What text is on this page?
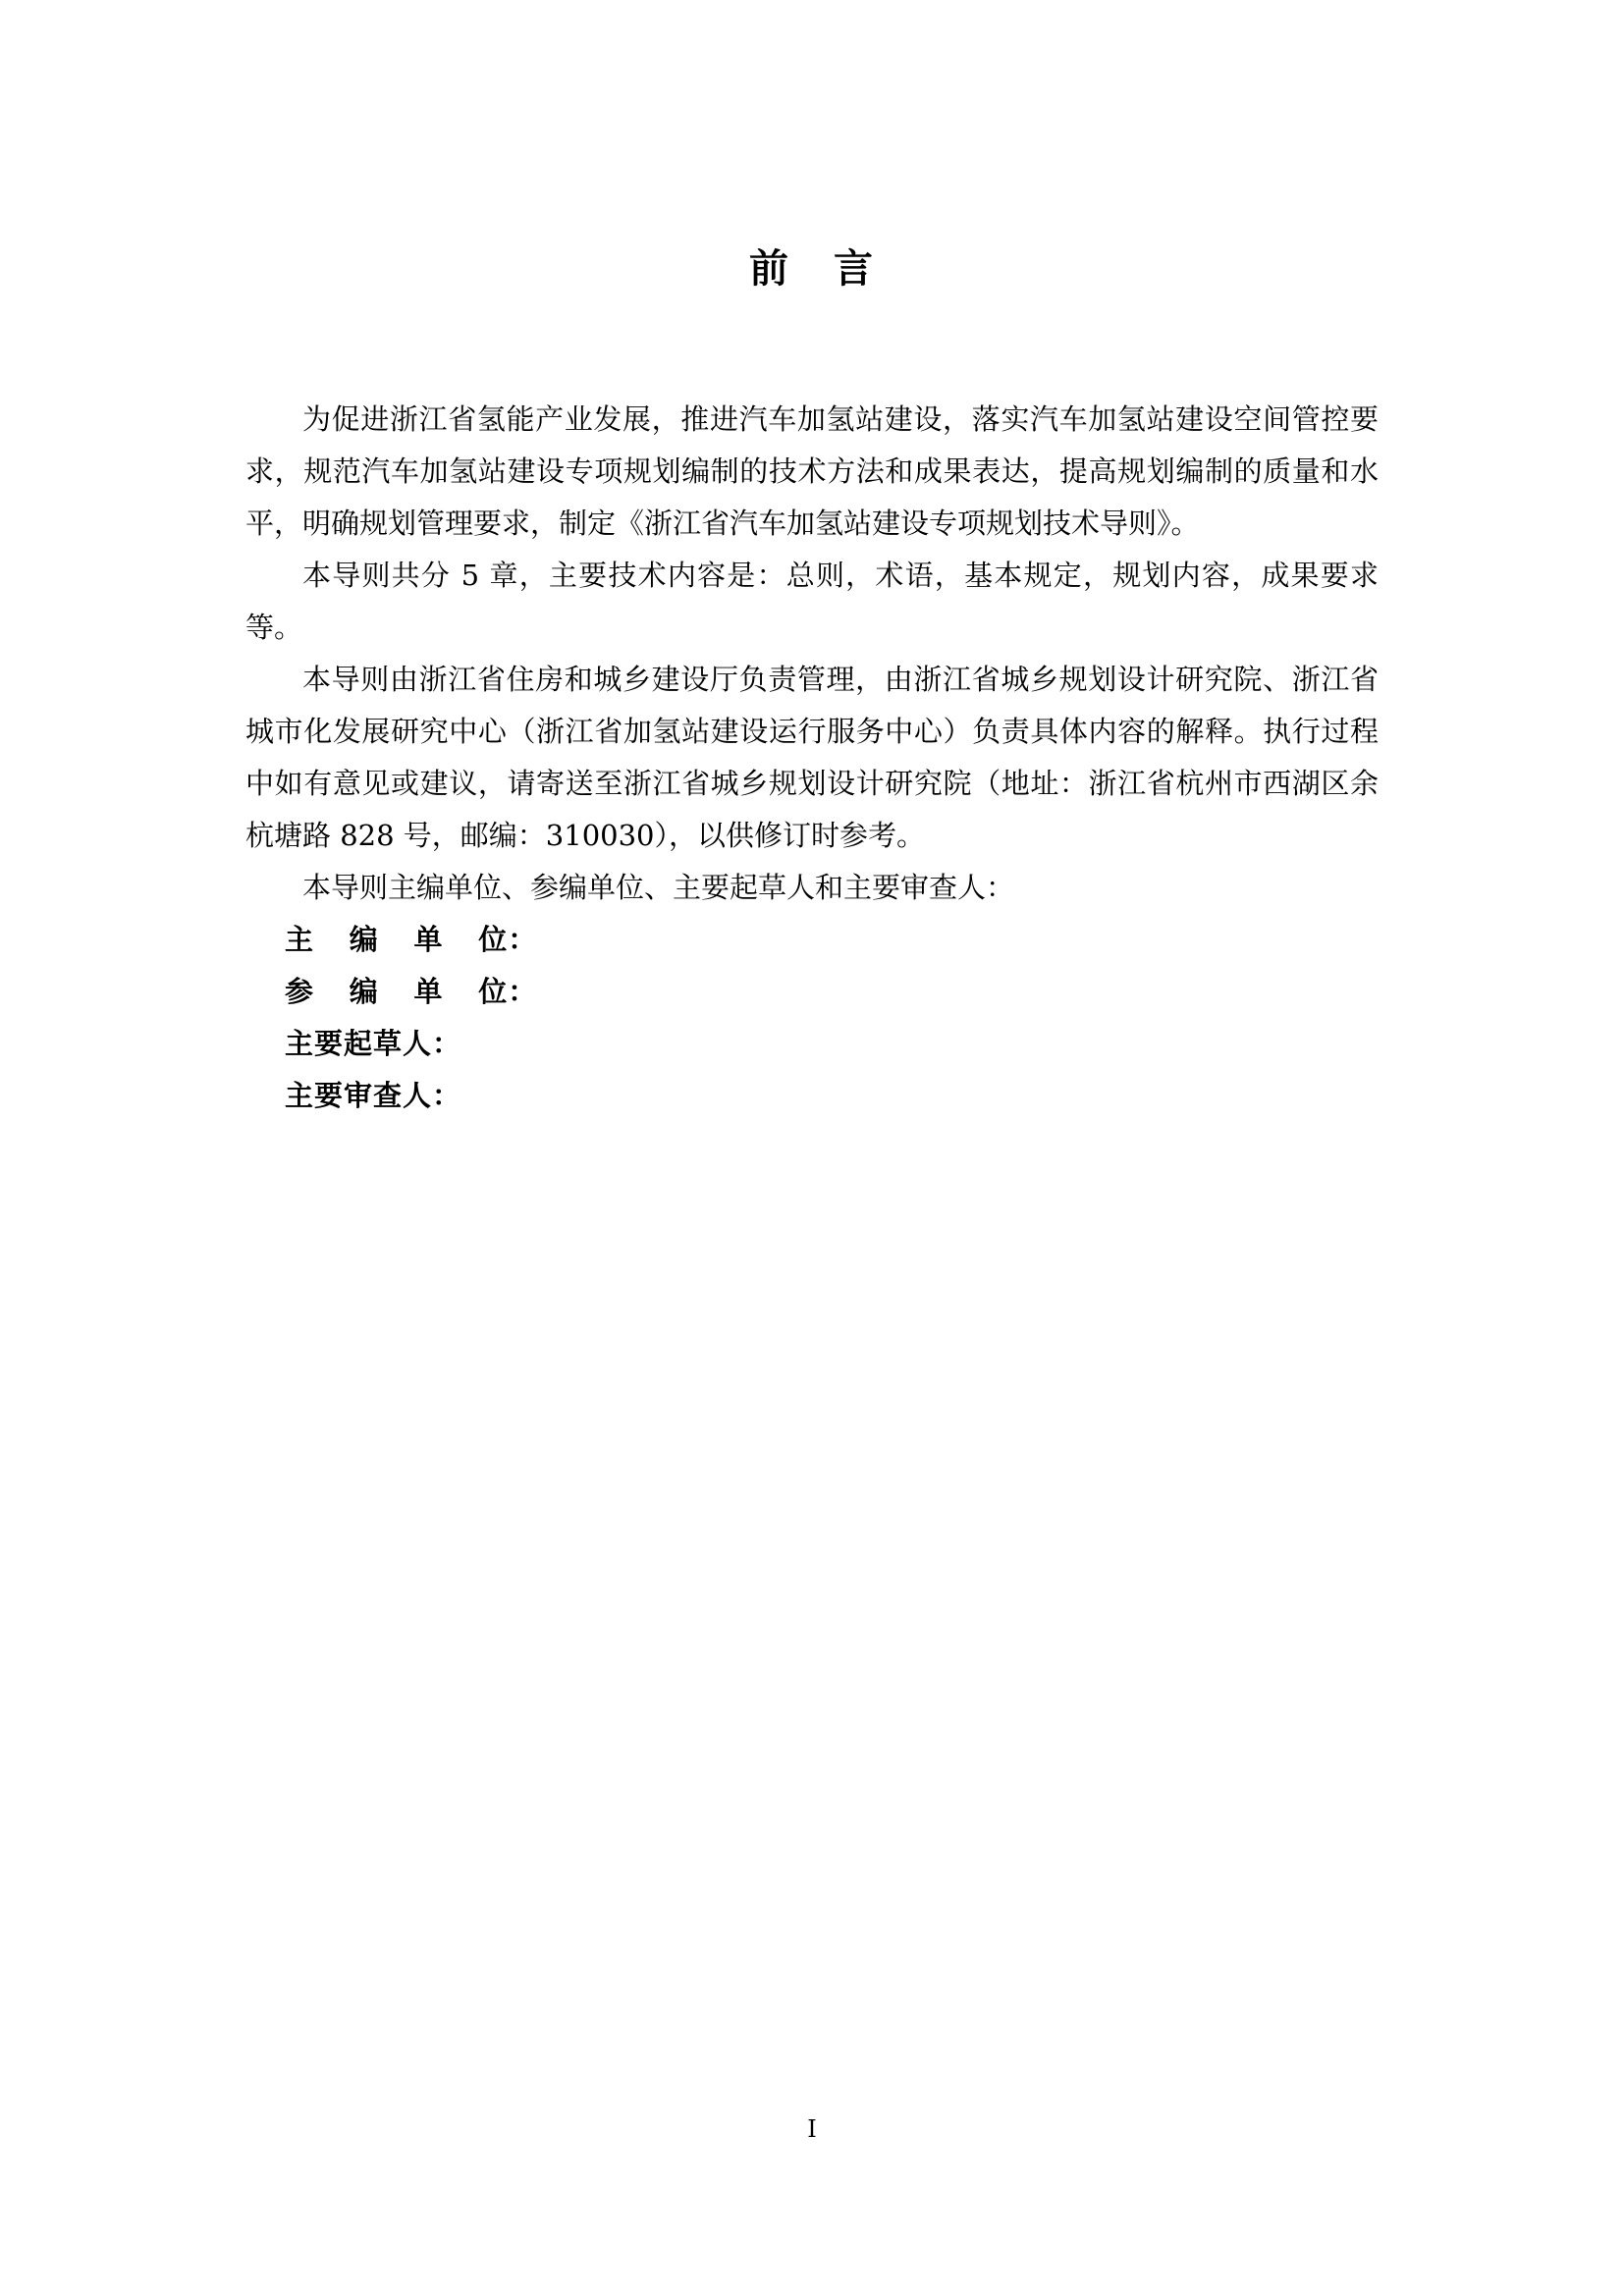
前 言

为促进浙江省氢能产业发展，推进汽车加氢站建设，落实汽车加氢站建设空间管控要求，规范汽车加氢站建设专项规划编制的技术方法和成果表达，提高规划编制的质量和水平，明确规划管理要求，制定《浙江省汽车加氢站建设专项规划技术导则》。

本导则共分 5 章，主要技术内容是：总则，术语，基本规定，规划内容，成果要求等。

本导则由浙江省住房和城乡建设厅负责管理，由浙江省城乡规划设计研究院、浙江省城市化发展研究中心（浙江省加氢站建设运行服务中心）负责具体内容的解释。执行过程中如有意见或建议，请寄送至浙江省城乡规划设计研究院（地址：浙江省杭州市西湖区余杭塘路 828 号，邮编：310030），以供修订时参考。

本导则主编单位、参编单位、主要起草人和主要审查人：

主 编 单 位：
参 编 单 位：
主要起草人：
主要审查人：
I
